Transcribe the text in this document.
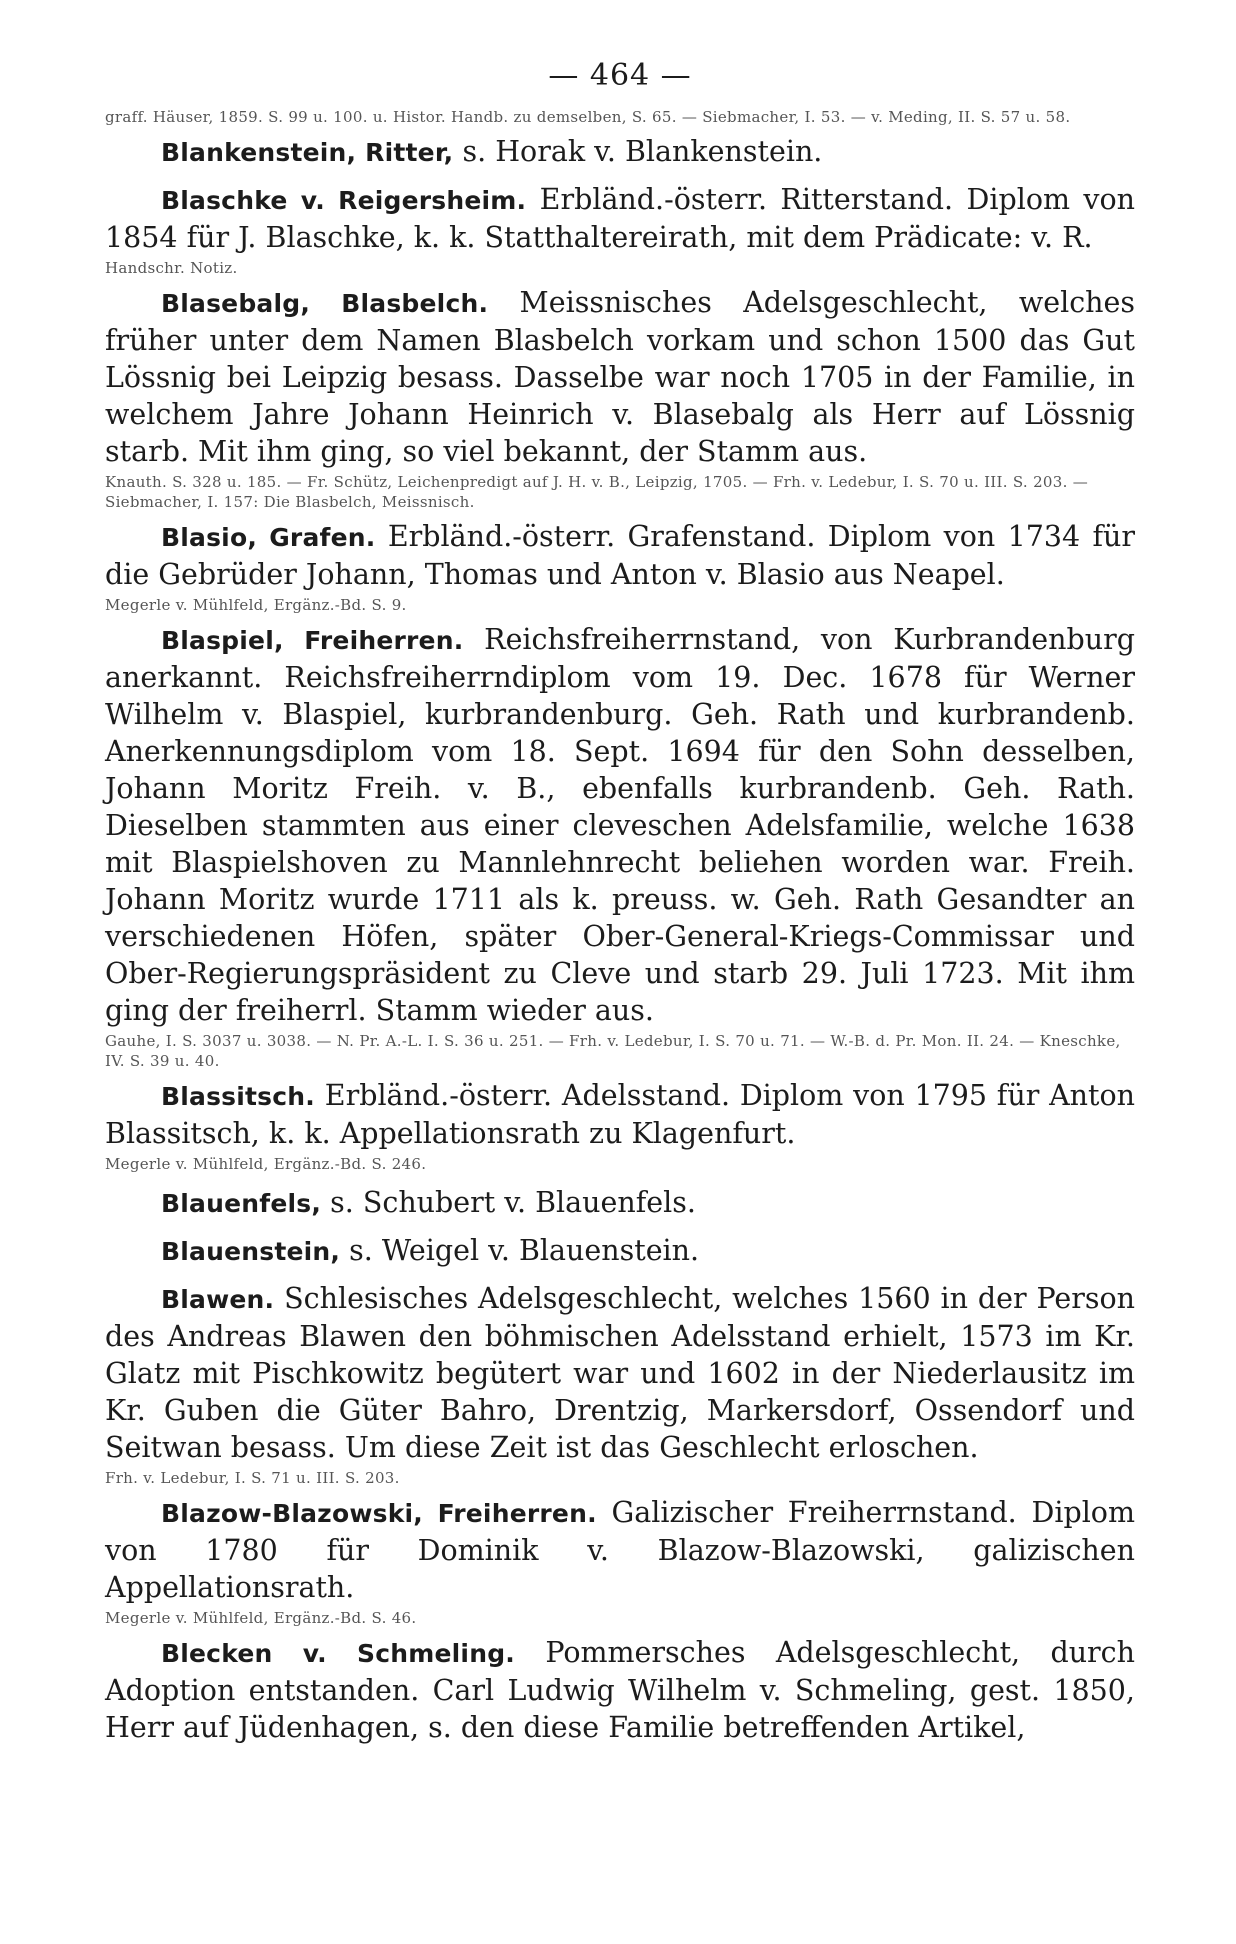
— 464 —
graff. Häuser, 1859. S. 99 u. 100. u. Histor. Handb. zu demselben, S. 65. — Siebmacher, I. 53. — v. Meding, II. S. 57 u. 58.

Blankenstein, Ritter, s. Horak v. Blankenstein.

Blaschke v. Reigersheim. Erbländ.-österr. Ritterstand. Diplom von 1854 für J. Blaschke, k. k. Statthaltereirath, mit dem Prädicate: v. R.

Handschr. Notiz.

Blasebalg, Blasbelch. Meissnisches Adelsgeschlecht, welches früher unter dem Namen Blasbelch vorkam und schon 1500 das Gut Lössnig bei Leipzig besass. Dasselbe war noch 1705 in der Familie, in welchem Jahre Johann Heinrich v. Blasebalg als Herr auf Lössnig starb. Mit ihm ging, so viel bekannt, der Stamm aus.

Knauth. S. 328 u. 185. — Fr. Schütz, Leichenpredigt auf J. H. v. B., Leipzig, 1705. — Frh. v. Ledebur, I. S. 70 u. III. S. 203. — Siebmacher, I. 157: Die Blasbelch, Meissnisch.

Blasio, Grafen. Erbländ.-österr. Grafenstand. Diplom von 1734 für die Gebrüder Johann, Thomas und Anton v. Blasio aus Neapel.

Megerle v. Mühlfeld, Ergänz.-Bd. S. 9.

Blaspiel, Freiherren. Reichsfreiherrnstand, von Kurbrandenburg anerkannt. Reichsfreiherrndiplom vom 19. Dec. 1678 für Werner Wilhelm v. Blaspiel, kurbrandenburg. Geh. Rath und kurbrandenb. Anerkennungsdiplom vom 18. Sept. 1694 für den Sohn desselben, Johann Moritz Freih. v. B., ebenfalls kurbrandenb. Geh. Rath. Dieselben stammten aus einer cleveschen Adelsfamilie, welche 1638 mit Blaspielshoven zu Mannlehnrecht beliehen worden war. Freih. Johann Moritz wurde 1711 als k. preuss. w. Geh. Rath Gesandter an verschiedenen Höfen, später Ober-General-Kriegs-Commissar und Ober-Regierungspräsident zu Cleve und starb 29. Juli 1723. Mit ihm ging der freiherrl. Stamm wieder aus.

Gauhe, I. S. 3037 u. 3038. — N. Pr. A.-L. I. S. 36 u. 251. — Frh. v. Ledebur, I. S. 70 u. 71. — W.-B. d. Pr. Mon. II. 24. — Kneschke, IV. S. 39 u. 40.

Blassitsch. Erbländ.-österr. Adelsstand. Diplom von 1795 für Anton Blassitsch, k. k. Appellationsrath zu Klagenfurt.

Megerle v. Mühlfeld, Ergänz.-Bd. S. 246.

Blauenfels, s. Schubert v. Blauenfels.

Blauenstein, s. Weigel v. Blauenstein.

Blawen. Schlesisches Adelsgeschlecht, welches 1560 in der Person des Andreas Blawen den böhmischen Adelsstand erhielt, 1573 im Kr. Glatz mit Pischkowitz begütert war und 1602 in der Niederlausitz im Kr. Guben die Güter Bahro, Drentzig, Markersdorf, Ossendorf und Seitwan besass. Um diese Zeit ist das Geschlecht erloschen.

Frh. v. Ledebur, I. S. 71 u. III. S. 203.

Blazow-Blazowski, Freiherren. Galizischer Freiherrnstand. Diplom von 1780 für Dominik v. Blazow-Blazowski, galizischen Appellationsrath.

Megerle v. Mühlfeld, Ergänz.-Bd. S. 46.

Blecken v. Schmeling. Pommersches Adelsgeschlecht, durch Adoption entstanden. Carl Ludwig Wilhelm v. Schmeling, gest. 1850, Herr auf Jüdenhagen, s. den diese Familie betreffenden Artikel,
